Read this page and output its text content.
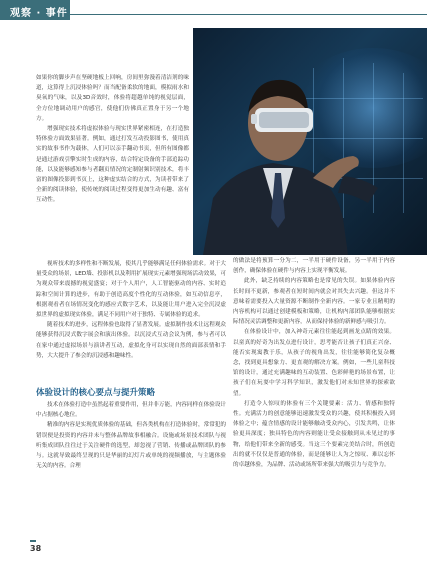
观察 · 事件

如果你的脚步声在坚硬地板上回响，房间里弥漫着清洁剂的味道，这算得上沉浸体验吗？而当配备柔软的地面，模拟雨水和臭氧的气味，以及3D音效时，体验将超越单纯的视觉层面，全方位地调动用户的感官，使他们仿佛真正置身于另一个地方。

增强现实技术将虚拟体验与现实世界紧密相连，在打造独特体验方面效果显著。例如，通过打发互动投影图书，使用真实的故事书作为载体，人们可以亲手翻动书页，但所有图像都是通过游戏引擎实时生成的内容，结合特定设备的手部追踪功能，以及能够感知参与者翻页情况的定制射频识别技术，将丰富的图像投影到书页上，这种虚实结合的方式，为读者带来了全新的阅读体验，使传统的阅读过程变得更加生动有趣、富有互动性。

视听技术的多样性和不断发展，使其几乎能够满足任何体验需求。对于大量受众的场景，LED墙、投影机以及利用扩展现实元素增强现场活动效果，可为观众带来震撼的视觉盛宴；对于个人用户，人工智能驱动的内容、实时追踪和空间计算的进步，有助于创造高度个性化的互动体验，如互动信息亭，根据观看者在场情况变化的感应式数字艺术，以及能让用户进入完全沉浸虚拟世界的虚拟现实体验，满足不同用户对于独特、专属体验的追求。

随着技术的进步，远程体验也取得了显著发展。虚拟制作技术让远程观众能够获得沉浸式数字展会和演出体验。以沉浸式互动会议为例，参与者可以在家中通过虚拟场景与演讲者互动，虚拟化身可以实现自然的面部表情和手势，大大提升了参会的沉浸感和趣味性。

体验设计的核心要点与提升策略

技术在体验打造中虽然起着重要作用，但并非万能，内容同样在体验设计中占据核心地位。

精准的内容是实现优质体验的基础，但各类机构在打造体验时，常常犯的错误便是投资的内容并未与整体品牌故事相融合。设施或场景技术团队与视听集成团队往往过于关注硬件的选型，却忽视了营销、传播或品牌团队的参与。这就导致最终呈现的只是华丽的幻灯片或单纯的视频播放，与主题体验无关的内容。合理

的做法是将预算一分为二，一半用于硬件设备，另一半用于内容创作，确保体验在硬件与内容上实现平衡发展。

此外，缺乏持续的内容策略也是常见的失误。如果体验内容长时间不更新，参观者在短时间内就会对其失去兴趣。但这并不意味着需要投入大量资源不断制作全新内容。一家专业且精明的内容机构可以通过创建模板和策略，让机构内部团队能够根据实际情况灵活调整和更新内容，从而保持体验的新鲜感与吸引力。

在体验设计中，加入神奇元素往往能起到画龙点睛的效果。以童真的好奇为出发点进行设计，思考能否让孩子们真正兴奋、能否实现寓教于乐，从孩子的视角出发，往往能够简化复杂概念，找到更具想象力、更直观的解决方案。例如，一些儿童科技馆的设计，通过充满趣味的互动装置、色彩鲜艳的场景布置，让孩子们在玩耍中学习科学知识，激发他们对未知世界的探索欲望。

打造令人惊叹的体验有三个关键要素：活力、情感和独特性。充满活力的创意能够迅速激发受众的兴趣，使其积极投入到体验之中；蕴含情感的设计能够触动受众内心，引发共鸣，让体验更具深度；独具特色的内容则能让受众接触到从未见过的事物，给他们带来全新的感受。当这三个要素完美结合时，所创造出的就不仅仅是普通的体验，而是能够让人为之惊叹、难以忘怀的卓越体验，为品牌、活动或场所带来强大的吸引力与竞争力。

38
